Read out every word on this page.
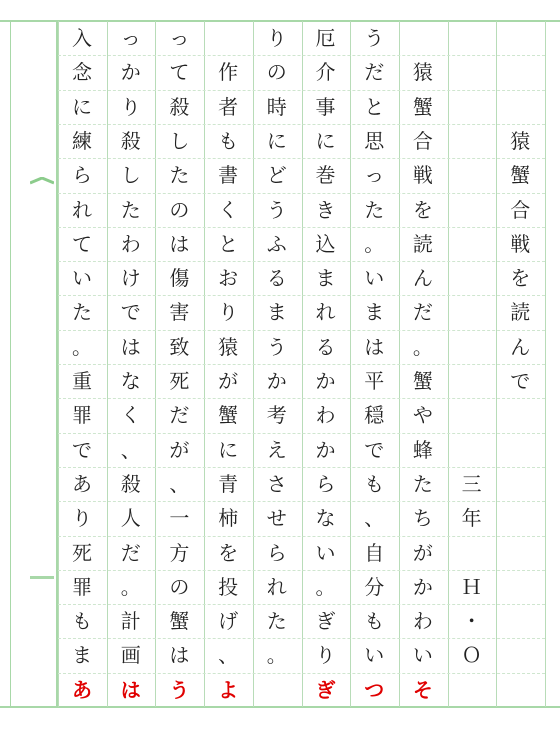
猿
蟹
合
戦
を
読
ん
で
三
年
Ｈ
・
Ｏ
猿
蟹
合
戦
を
読
ん
だ
。
蟹
や
蜂
た
ち
が
か
わ
い
そ
う
だ
と
思
っ
た
。
い
ま
は
平
穏
で
も
、
自
分
も
い
つ
厄
介
事
に
巻
き
込
ま
れ
る
か
わ
か
ら
な
い
。
ぎ
り
ぎ
り
の
時
に
ど
う
ふ
る
ま
う
か
考
え
さ
せ
ら
れ
た
。
作
者
も
書
く
と
お
り
猿
が
蟹
に
青
柿
を
投
げ
、
よ
っ
て
殺
し
た
の
は
傷
害
致
死
だ
が
、
一
方
の
蟹
は
う
っ
か
り
殺
し
た
わ
け
で
は
な
く
、
殺
人
だ
。
計
画
は
入
念
に
練
ら
れ
て
い
た
。
重
罪
で
あ
り
死
罪
も
ま
あ
